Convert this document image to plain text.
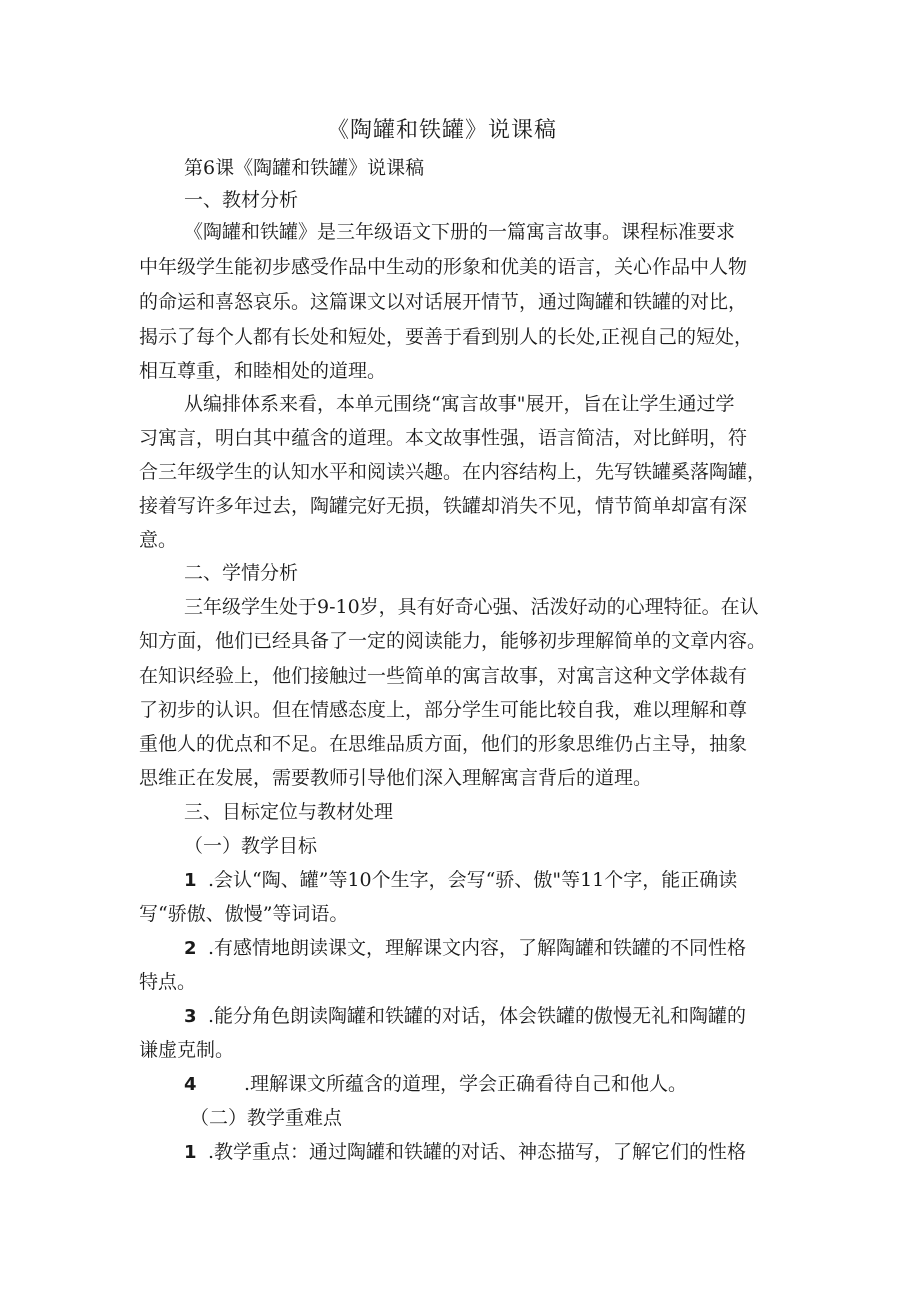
《陶罐和铁罐》说课稿
第6课《陶罐和铁罐》说课稿
一、教材分析
《陶罐和铁罐》是三年级语文下册的一篇寓言故事。课程标准要求
中年级学生能初步感受作品中生动的形象和优美的语言，关心作品中人物
的命运和喜怒哀乐。这篇课文以对话展开情节，通过陶罐和铁罐的对比，
揭示了每个人都有长处和短处，要善于看到别人的长处,正视自己的短处，
相互尊重，和睦相处的道理。
从编排体系来看，本单元围绕“寓言故事"展开，旨在让学生通过学
习寓言，明白其中蕴含的道理。本文故事性强，语言简洁，对比鲜明，符
合三年级学生的认知水平和阅读兴趣。在内容结构上，先写铁罐奚落陶罐，
接着写许多年过去，陶罐完好无损，铁罐却消失不见，情节简单却富有深
意。
二、学情分析
三年级学生处于9-10岁，具有好奇心强、活泼好动的心理特征。在认
知方面，他们已经具备了一定的阅读能力，能够初步理解简单的文章内容。
在知识经验上，他们接触过一些简单的寓言故事，对寓言这种文学体裁有
了初步的认识。但在情感态度上，部分学生可能比较自我，难以理解和尊
重他人的优点和不足。在思维品质方面，他们的形象思维仍占主导，抽象
思维正在发展，需要教师引导他们深入理解寓言背后的道理。
三、目标定位与教材处理
（一）教学目标
1 .会认“陶、罐”等10个生字，会写“骄、傲"等11个字，能正确读
写“骄傲、傲慢”等词语。
2 .有感情地朗读课文，理解课文内容，了解陶罐和铁罐的不同性格
特点。
3 .能分角色朗读陶罐和铁罐的对话，体会铁罐的傲慢无礼和陶罐的
谦虚克制。
4 .理解课文所蕴含的道理，学会正确看待自己和他人。
（二）教学重难点
1 .教学重点：通过陶罐和铁罐的对话、神态描写，了解它们的性格
